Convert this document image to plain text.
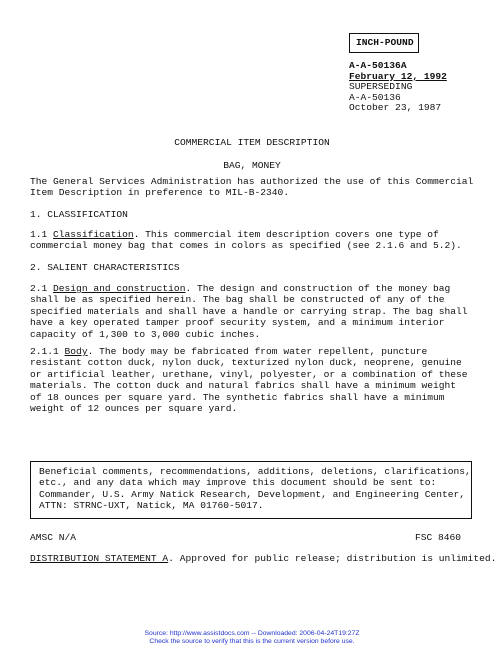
INCH-POUND
A-A-50136A
February 12, 1992
SUPERSEDING
A-A-50136
October 23, 1987
COMMERCIAL ITEM DESCRIPTION
BAG, MONEY
The General Services Administration has authorized the use of this Commercial
Item Description in preference to MIL-B-2340.
1. CLASSIFICATION
1.1 Classification. This commercial item description covers one type of
commercial money bag that comes in colors as specified (see 2.1.6 and 5.2).
2. SALIENT CHARACTERISTICS
2.1 Design and construction. The design and construction of the money bag
shall be as specified herein. The bag shall be constructed of any of the
specified materials and shall have a handle or carrying strap. The bag shall
have a key operated tamper proof security system, and a minimum interior
capacity of 1,300 to 3,000 cubic inches.
2.1.1 Body. The body may be fabricated from water repellent, puncture
resistant cotton duck, nylon duck, texturized nylon duck, neoprene, genuine
or artificial leather, urethane, vinyl, polyester, or a combination of these
materials. The cotton duck and natural fabrics shall have a minimum weight
of 18 ounces per square yard. The synthetic fabrics shall have a minimum
weight of 12 ounces per square yard.
Beneficial comments, recommendations, additions, deletions, clarifications,
etc., and any data which may improve this document should be sent to:
Commander, U.S. Army Natick Research, Development, and Engineering Center,
ATTN: STRNC-UXT, Natick, MA 01760-5017.
AMSC N/A	FSC 8460
DISTRIBUTION STATEMENT A. Approved for public release; distribution is unlimited.
Source: http://www.assistdocs.com -- Downloaded: 2006-04-24T19:27Z
Check the source to verify that this is the current version before use.
